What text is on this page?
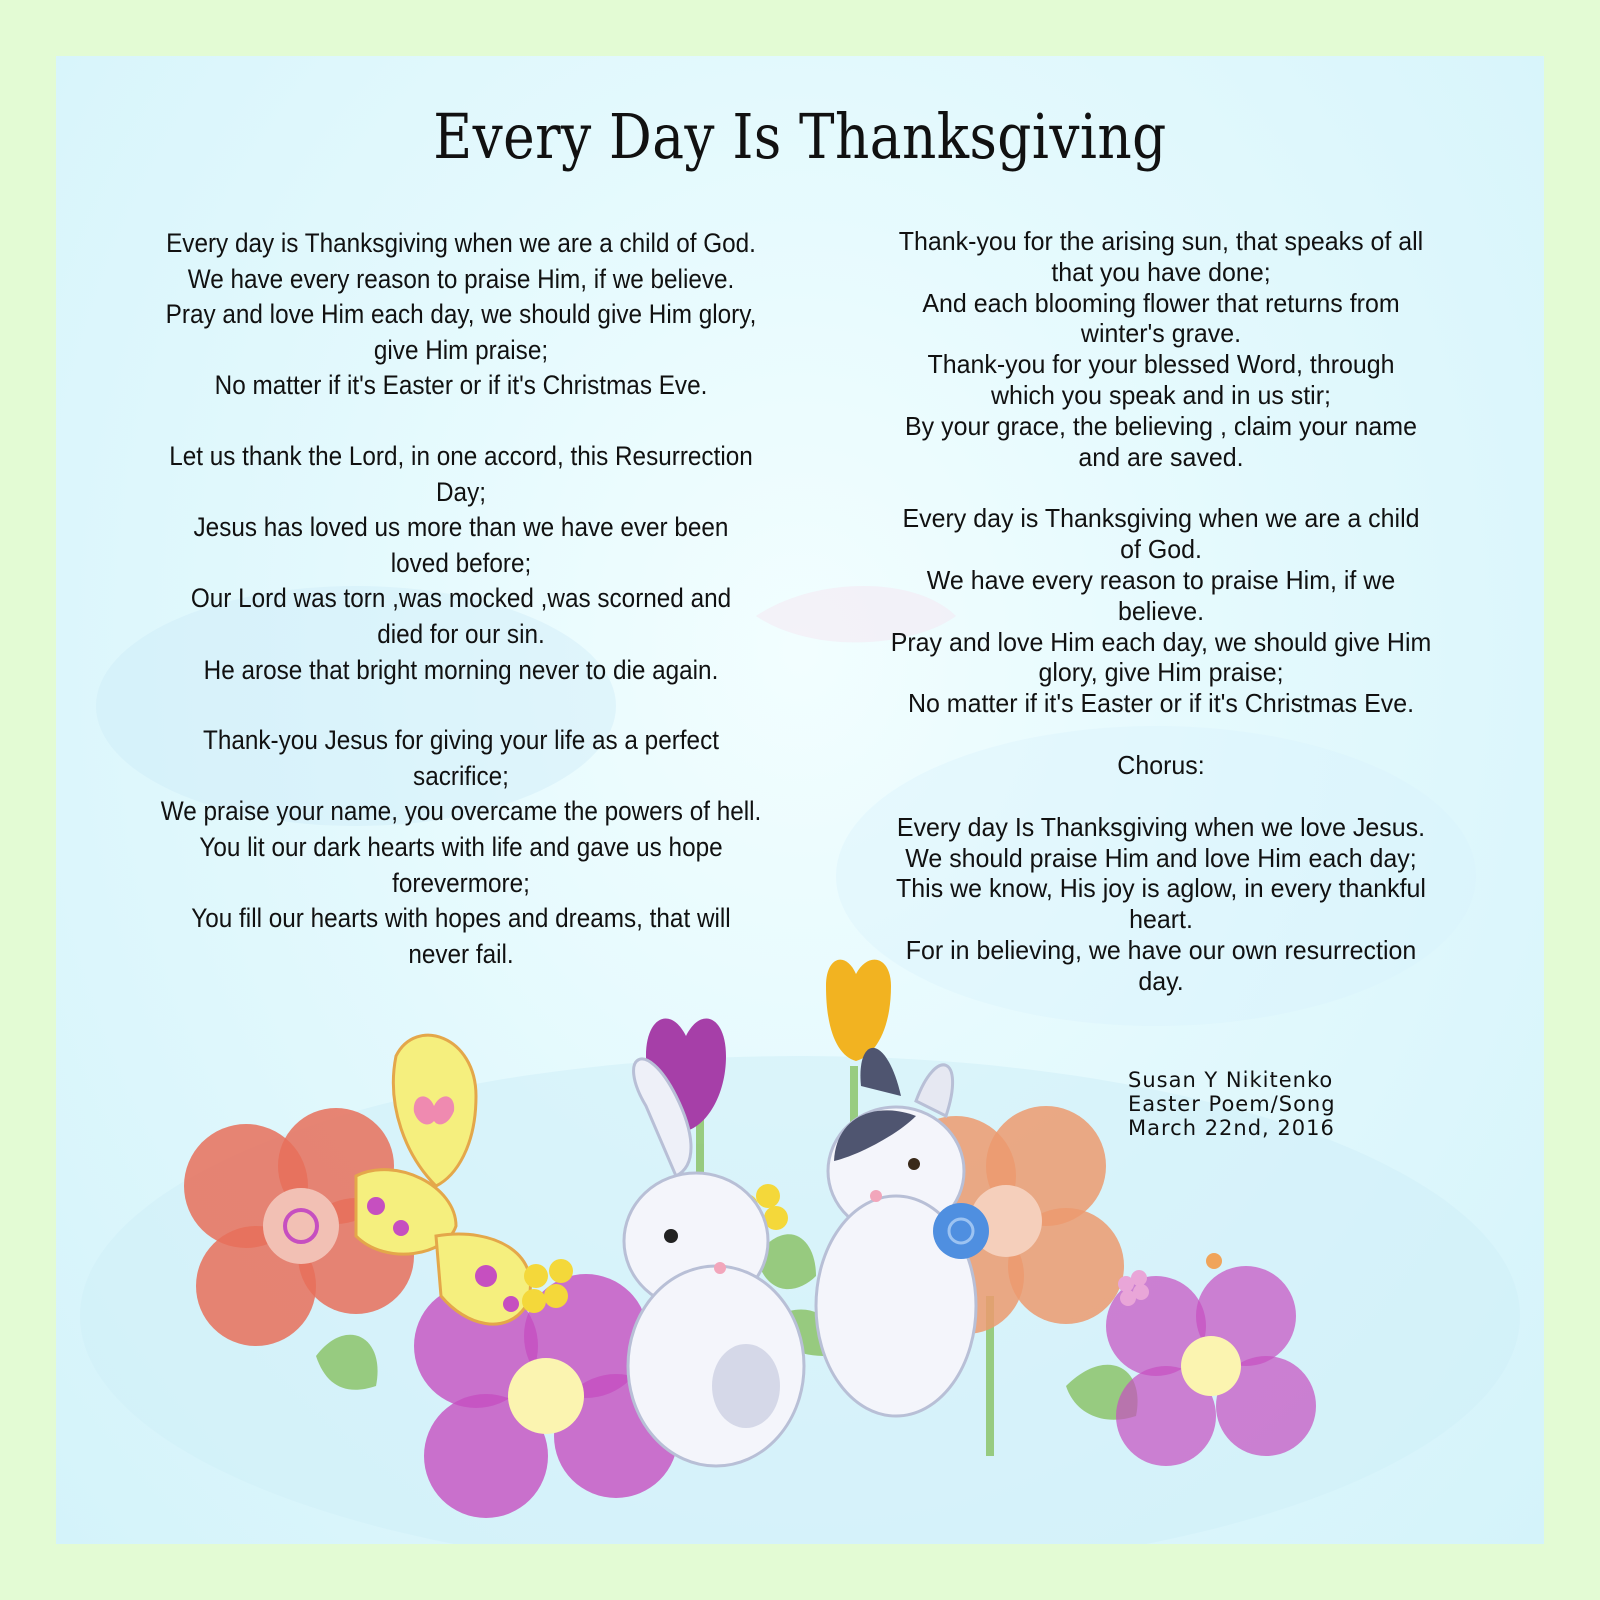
Every Day Is Thanksgiving
Every day is Thanksgiving when we are a child of God.
We have every reason to praise Him, if we believe.
Pray and love Him each day, we should give Him glory,
give Him praise;
No matter if it's Easter or if it's Christmas Eve.
Let us thank the Lord, in one accord, this Resurrection
Day;
Jesus has loved us more than we have ever been
loved before;
Our Lord was torn ,was mocked ,was scorned and
died for our sin.
He arose that bright morning never to die again.
Thank-you Jesus for giving your life as a perfect
sacrifice;
We praise your name, you overcame the powers of hell.
You lit our dark hearts with life and gave us hope
forevermore;
You fill our hearts with hopes and dreams, that will
never fail.
Thank-you for the arising sun, that speaks of all
that you have done;
And each blooming flower that returns from
winter's grave.
Thank-you for your blessed Word, through
which you speak and in us stir;
By your grace, the believing , claim your name
and are saved.
Every day is Thanksgiving when we are a child
of God.
We have every reason to praise Him, if we
believe.
Pray and love Him each day, we should give Him
glory, give Him praise;
No matter if it's Easter or if it's Christmas Eve.
Chorus:
Every day Is Thanksgiving when we love Jesus.
We should praise Him and love Him each day;
This we know, His joy is aglow, in every thankful
heart.
For in believing, we have our own resurrection
day.
Susan Y Nikitenko
Easter Poem/Song
March 22nd, 2016
